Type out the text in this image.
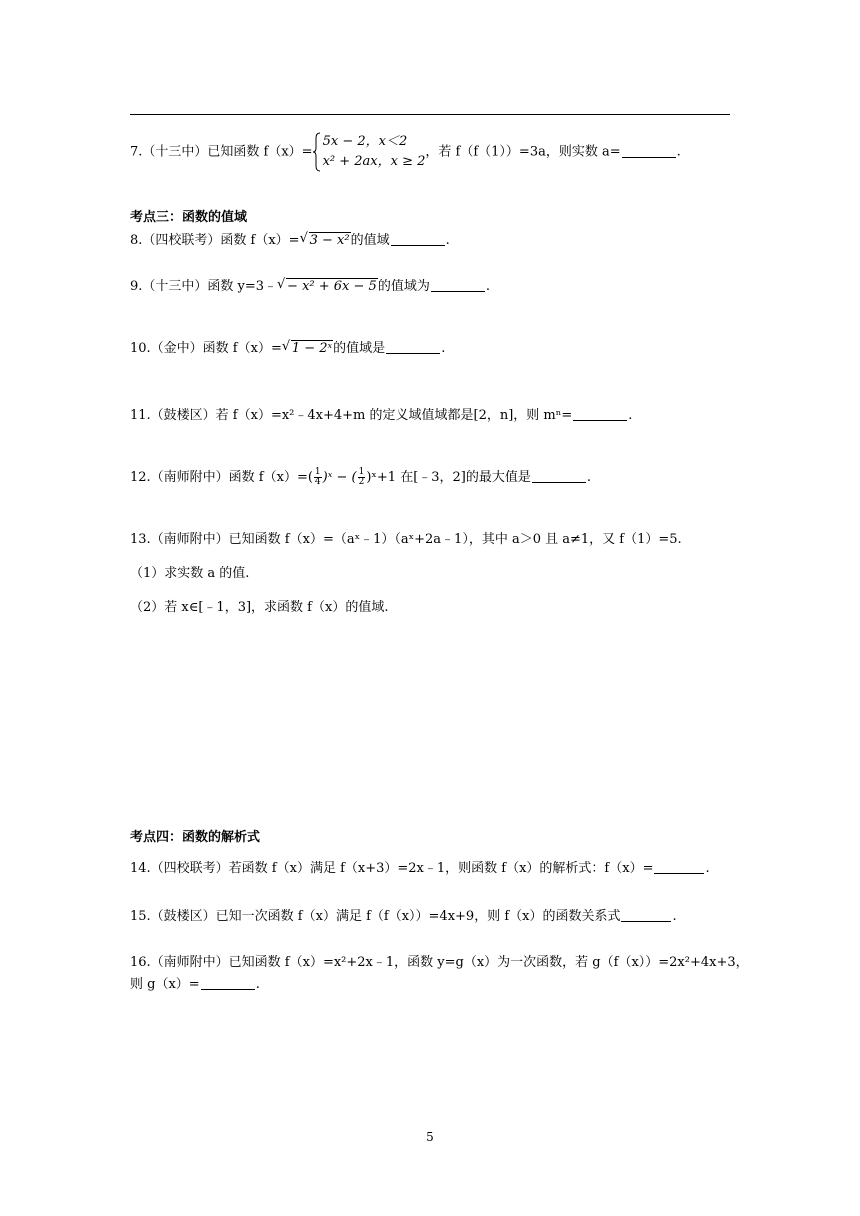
7.（十三中）已知函数 f（x）=
5x − 2，x＜2
x² + 2ax，x ≥ 2，若 f（f（1））=3a，则实数 a=	.
考点三：函数的值域
8.（四校联考）函数 f（x）= √ 3 − x²的值域	.
9.（十三中）函数 y=3﹣ √ − x² + 6x − 5的值域为	.
10.（金中）函数 f（x）= √ 1 − 2ˣ的值域是	.
11.（鼓楼区）若 f（x）=x²﹣4x+4+m 的定义域值域都是[2，n]，则 mⁿ=	.
12.（南师附中）函数 $f(x)=( \frac{1}{4}$ )ˣ − ( $\frac{1}{2}$ )ˣ+1 在[﹣3，2]的最大值是	.
13.（南师附中）已知函数 f（x）=（aˣ﹣1）（aˣ+2a﹣1），其中 a＞0 且 a≠1，又 f（1）=5.
（1）求实数 a 的值.
（2）若 x∈[﹣1，3]，求函数 f（x）的值域.
考点四：函数的解析式
14.（四校联考）若函数 f（x）满足 f（x+3）=2x﹣1，则函数 f（x）的解析式：f（x）=	.
15.（鼓楼区）已知一次函数 f（x）满足 f（f（x））=4x+9，则 f（x）的函数关系式	.
16.（南师附中）已知函数 f（x）=x²+2x﹣1，函数 y=g（x）为一次函数，若 g（f（x））=2x²+4x+3，
则 g（x）=	.
5
